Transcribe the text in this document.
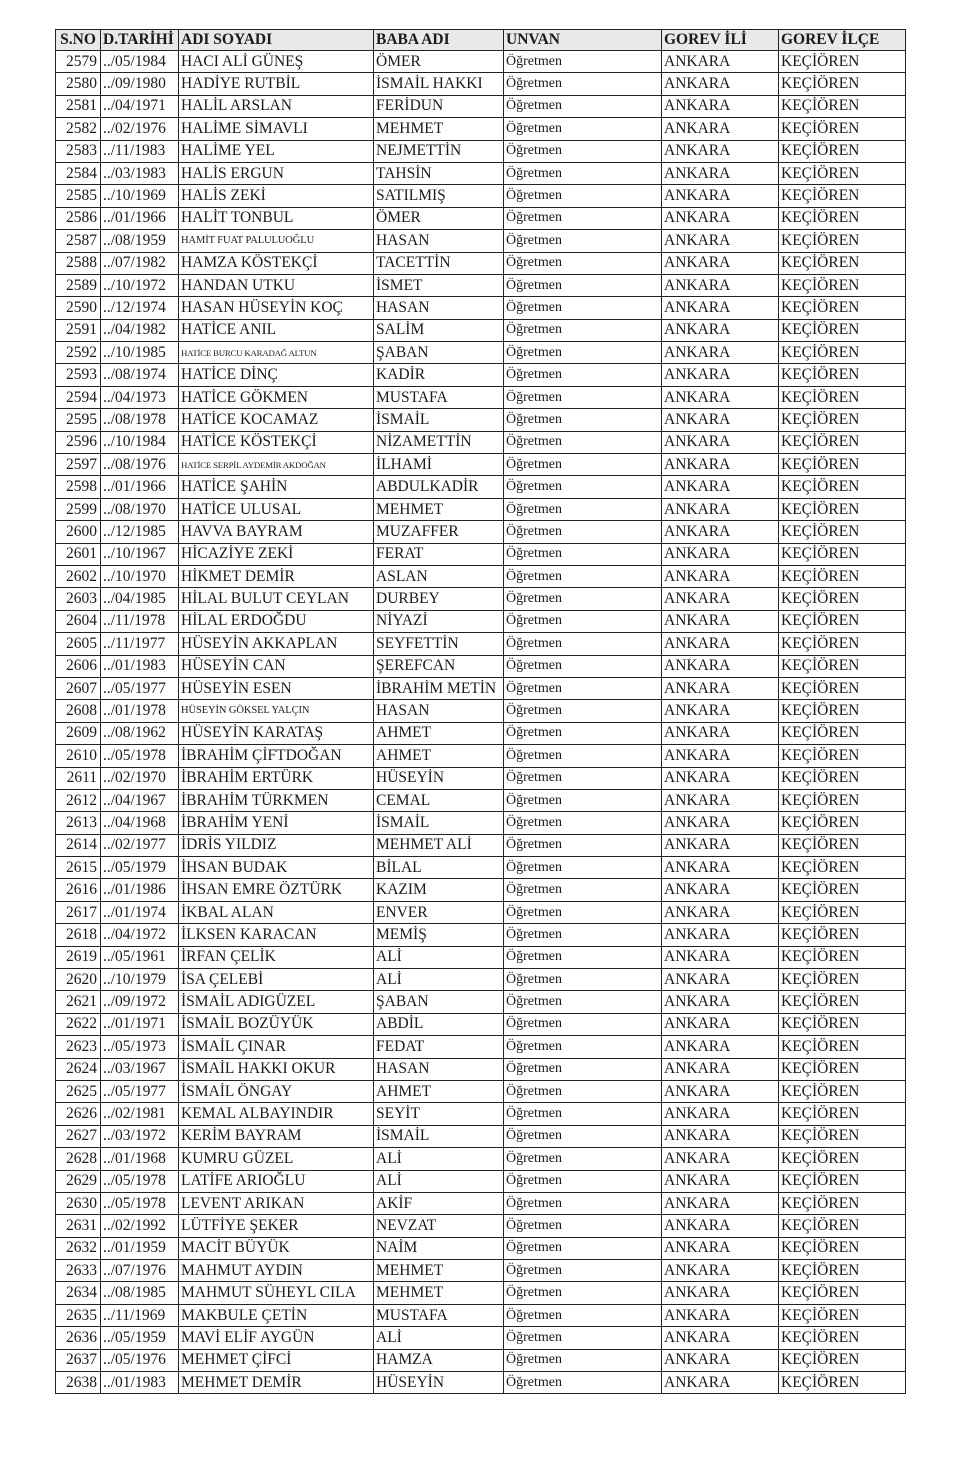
S.NO	D.TARİHİ	ADI SOYADI	BABA ADI	UNVAN	GOREV İLİ	GOREV İLÇE
2579	../05/1984	HACI ALİ GÜNEŞ	ÖMER	Öğretmen	ANKARA	KEÇİÖREN
2580	../09/1980	HADİYE RUTBİL	İSMAİL HAKKI	Öğretmen	ANKARA	KEÇİÖREN
2581	../04/1971	HALİL ARSLAN	FERİDUN	Öğretmen	ANKARA	KEÇİÖREN
2582	../02/1976	HALİME SİMAVLI	MEHMET	Öğretmen	ANKARA	KEÇİÖREN
2583	../11/1983	HALİME YEL	NEJMETTİN	Öğretmen	ANKARA	KEÇİÖREN
2584	../03/1983	HALİS ERGUN	TAHSİN	Öğretmen	ANKARA	KEÇİÖREN
2585	../10/1969	HALİS ZEKİ	SATILMIŞ	Öğretmen	ANKARA	KEÇİÖREN
2586	../01/1966	HALİT TONBUL	ÖMER	Öğretmen	ANKARA	KEÇİÖREN
2587	../08/1959	HAMİT FUAT PALULUOĞLU	HASAN	Öğretmen	ANKARA	KEÇİÖREN
2588	../07/1982	HAMZA KÖSTEKÇİ	TACETTİN	Öğretmen	ANKARA	KEÇİÖREN
2589	../10/1972	HANDAN UTKU	İSMET	Öğretmen	ANKARA	KEÇİÖREN
2590	../12/1974	HASAN HÜSEYİN KOÇ	HASAN	Öğretmen	ANKARA	KEÇİÖREN
2591	../04/1982	HATİCE ANIL	SALİM	Öğretmen	ANKARA	KEÇİÖREN
2592	../10/1985	HATİCE BURCU KARADAĞ ALTUN	ŞABAN	Öğretmen	ANKARA	KEÇİÖREN
2593	../08/1974	HATİCE DİNÇ	KADİR	Öğretmen	ANKARA	KEÇİÖREN
2594	../04/1973	HATİCE GÖKMEN	MUSTAFA	Öğretmen	ANKARA	KEÇİÖREN
2595	../08/1978	HATİCE KOCAMAZ	İSMAİL	Öğretmen	ANKARA	KEÇİÖREN
2596	../10/1984	HATİCE KÖSTEKÇİ	NİZAMETTİN	Öğretmen	ANKARA	KEÇİÖREN
2597	../08/1976	HATİCE SERPİL AYDEMİR AKDOĞAN	İLHAMİ	Öğretmen	ANKARA	KEÇİÖREN
2598	../01/1966	HATİCE ŞAHİN	ABDULKADİR	Öğretmen	ANKARA	KEÇİÖREN
2599	../08/1970	HATİCE ULUSAL	MEHMET	Öğretmen	ANKARA	KEÇİÖREN
2600	../12/1985	HAVVA BAYRAM	MUZAFFER	Öğretmen	ANKARA	KEÇİÖREN
2601	../10/1967	HİCAZİYE ZEKİ	FERAT	Öğretmen	ANKARA	KEÇİÖREN
2602	../10/1970	HİKMET DEMİR	ASLAN	Öğretmen	ANKARA	KEÇİÖREN
2603	../04/1985	HİLAL BULUT CEYLAN	DURBEY	Öğretmen	ANKARA	KEÇİÖREN
2604	../11/1978	HİLAL ERDOĞDU	NİYAZİ	Öğretmen	ANKARA	KEÇİÖREN
2605	../11/1977	HÜSEYİN AKKAPLAN	SEYFETTİN	Öğretmen	ANKARA	KEÇİÖREN
2606	../01/1983	HÜSEYİN CAN	ŞEREFCAN	Öğretmen	ANKARA	KEÇİÖREN
2607	../05/1977	HÜSEYİN ESEN	İBRAHİM METİN	Öğretmen	ANKARA	KEÇİÖREN
2608	../01/1978	HÜSEYİN GÖKSEL YALÇIN	HASAN	Öğretmen	ANKARA	KEÇİÖREN
2609	../08/1962	HÜSEYİN KARATAŞ	AHMET	Öğretmen	ANKARA	KEÇİÖREN
2610	../05/1978	İBRAHİM ÇİFTDOĞAN	AHMET	Öğretmen	ANKARA	KEÇİÖREN
2611	../02/1970	İBRAHİM ERTÜRK	HÜSEYİN	Öğretmen	ANKARA	KEÇİÖREN
2612	../04/1967	İBRAHİM TÜRKMEN	CEMAL	Öğretmen	ANKARA	KEÇİÖREN
2613	../04/1968	İBRAHİM YENİ	İSMAİL	Öğretmen	ANKARA	KEÇİÖREN
2614	../02/1977	İDRİS YILDIZ	MEHMET ALİ	Öğretmen	ANKARA	KEÇİÖREN
2615	../05/1979	İHSAN BUDAK	BİLAL	Öğretmen	ANKARA	KEÇİÖREN
2616	../01/1986	İHSAN EMRE ÖZTÜRK	KAZIM	Öğretmen	ANKARA	KEÇİÖREN
2617	../01/1974	İKBAL ALAN	ENVER	Öğretmen	ANKARA	KEÇİÖREN
2618	../04/1972	İLKSEN KARACAN	MEMİŞ	Öğretmen	ANKARA	KEÇİÖREN
2619	../05/1961	İRFAN ÇELİK	ALİ	Öğretmen	ANKARA	KEÇİÖREN
2620	../10/1979	İSA ÇELEBİ	ALİ	Öğretmen	ANKARA	KEÇİÖREN
2621	../09/1972	İSMAİL ADIGÜZEL	ŞABAN	Öğretmen	ANKARA	KEÇİÖREN
2622	../01/1971	İSMAİL BOZÜYÜK	ABDİL	Öğretmen	ANKARA	KEÇİÖREN
2623	../05/1973	İSMAİL ÇINAR	FEDAT	Öğretmen	ANKARA	KEÇİÖREN
2624	../03/1967	İSMAİL HAKKI OKUR	HASAN	Öğretmen	ANKARA	KEÇİÖREN
2625	../05/1977	İSMAİL ÖNGAY	AHMET	Öğretmen	ANKARA	KEÇİÖREN
2626	../02/1981	KEMAL ALBAYINDIR	SEYİT	Öğretmen	ANKARA	KEÇİÖREN
2627	../03/1972	KERİM BAYRAM	İSMAİL	Öğretmen	ANKARA	KEÇİÖREN
2628	../01/1968	KUMRU GÜZEL	ALİ	Öğretmen	ANKARA	KEÇİÖREN
2629	../05/1978	LATİFE ARIOĞLU	ALİ	Öğretmen	ANKARA	KEÇİÖREN
2630	../05/1978	LEVENT ARIKAN	AKİF	Öğretmen	ANKARA	KEÇİÖREN
2631	../02/1992	LÜTFİYE ŞEKER	NEVZAT	Öğretmen	ANKARA	KEÇİÖREN
2632	../01/1959	MACİT BÜYÜK	NAİM	Öğretmen	ANKARA	KEÇİÖREN
2633	../07/1976	MAHMUT AYDIN	MEHMET	Öğretmen	ANKARA	KEÇİÖREN
2634	../08/1985	MAHMUT SÜHEYL CILA	MEHMET	Öğretmen	ANKARA	KEÇİÖREN
2635	../11/1969	MAKBULE ÇETİN	MUSTAFA	Öğretmen	ANKARA	KEÇİÖREN
2636	../05/1959	MAVİ ELİF AYGÜN	ALİ	Öğretmen	ANKARA	KEÇİÖREN
2637	../05/1976	MEHMET ÇİFCİ	HAMZA	Öğretmen	ANKARA	KEÇİÖREN
2638	../01/1983	MEHMET DEMİR	HÜSEYİN	Öğretmen	ANKARA	KEÇİÖREN
